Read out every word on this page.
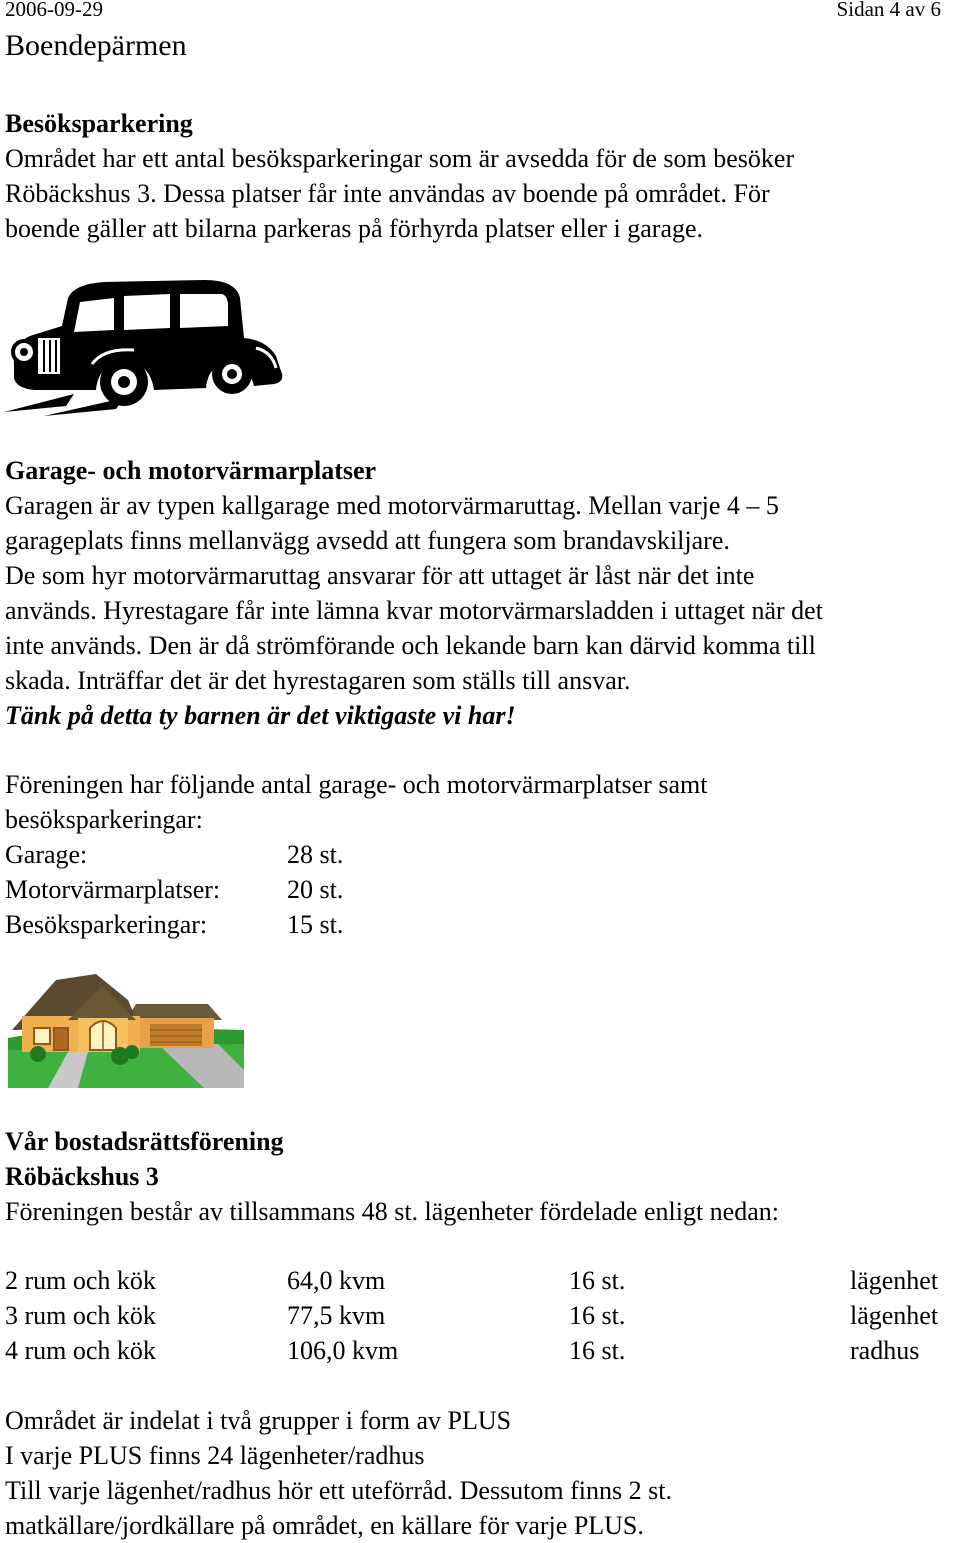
2006-09-29	Sidan 4 av 6
Boendepärmen
Besöksparkering
Området har ett antal besöksparkeringar som är avsedda för de som besöker
Röbäckshus 3. Dessa platser får inte användas av boende på området. För
boende gäller att bilarna parkeras på förhyrda platser eller i garage.
Garage- och motorvärmarplatser
Garagen är av typen kallgarage med motorvärmaruttag. Mellan varje 4 – 5
garageplats finns mellanvägg avsedd att fungera som brandavskiljare.
De som hyr motorvärmaruttag ansvarar för att uttaget är låst när det inte
används. Hyrestagare får inte lämna kvar motorvärmarsladden i uttaget när det
inte används. Den är då strömförande och lekande barn kan därvid komma till
skada. Inträffar det är det hyrestagaren som ställs till ansvar.
Tänk på detta ty barnen är det viktigaste vi har!
Föreningen har följande antal garage- och motorvärmarplatser samt
besöksparkeringar:
Garage:	28 st.
Motorvärmarplatser:	20 st.
Besöksparkeringar:	15 st.
Vår bostadsrättsförening
Röbäckshus 3
Föreningen består av tillsammans 48 st. lägenheter fördelade enligt nedan:
2 rum och kök	64,0 kvm	16 st.	lägenhet
3 rum och kök	77,5 kvm	16 st.	lägenhet
4 rum och kök	106,0 kvm	16 st.	radhus
Området är indelat i två grupper i form av PLUS
I varje PLUS finns 24 lägenheter/radhus
Till varje lägenhet/radhus hör ett uteförråd. Dessutom finns 2 st.
matkällare/jordkällare på området, en källare för varje PLUS.
